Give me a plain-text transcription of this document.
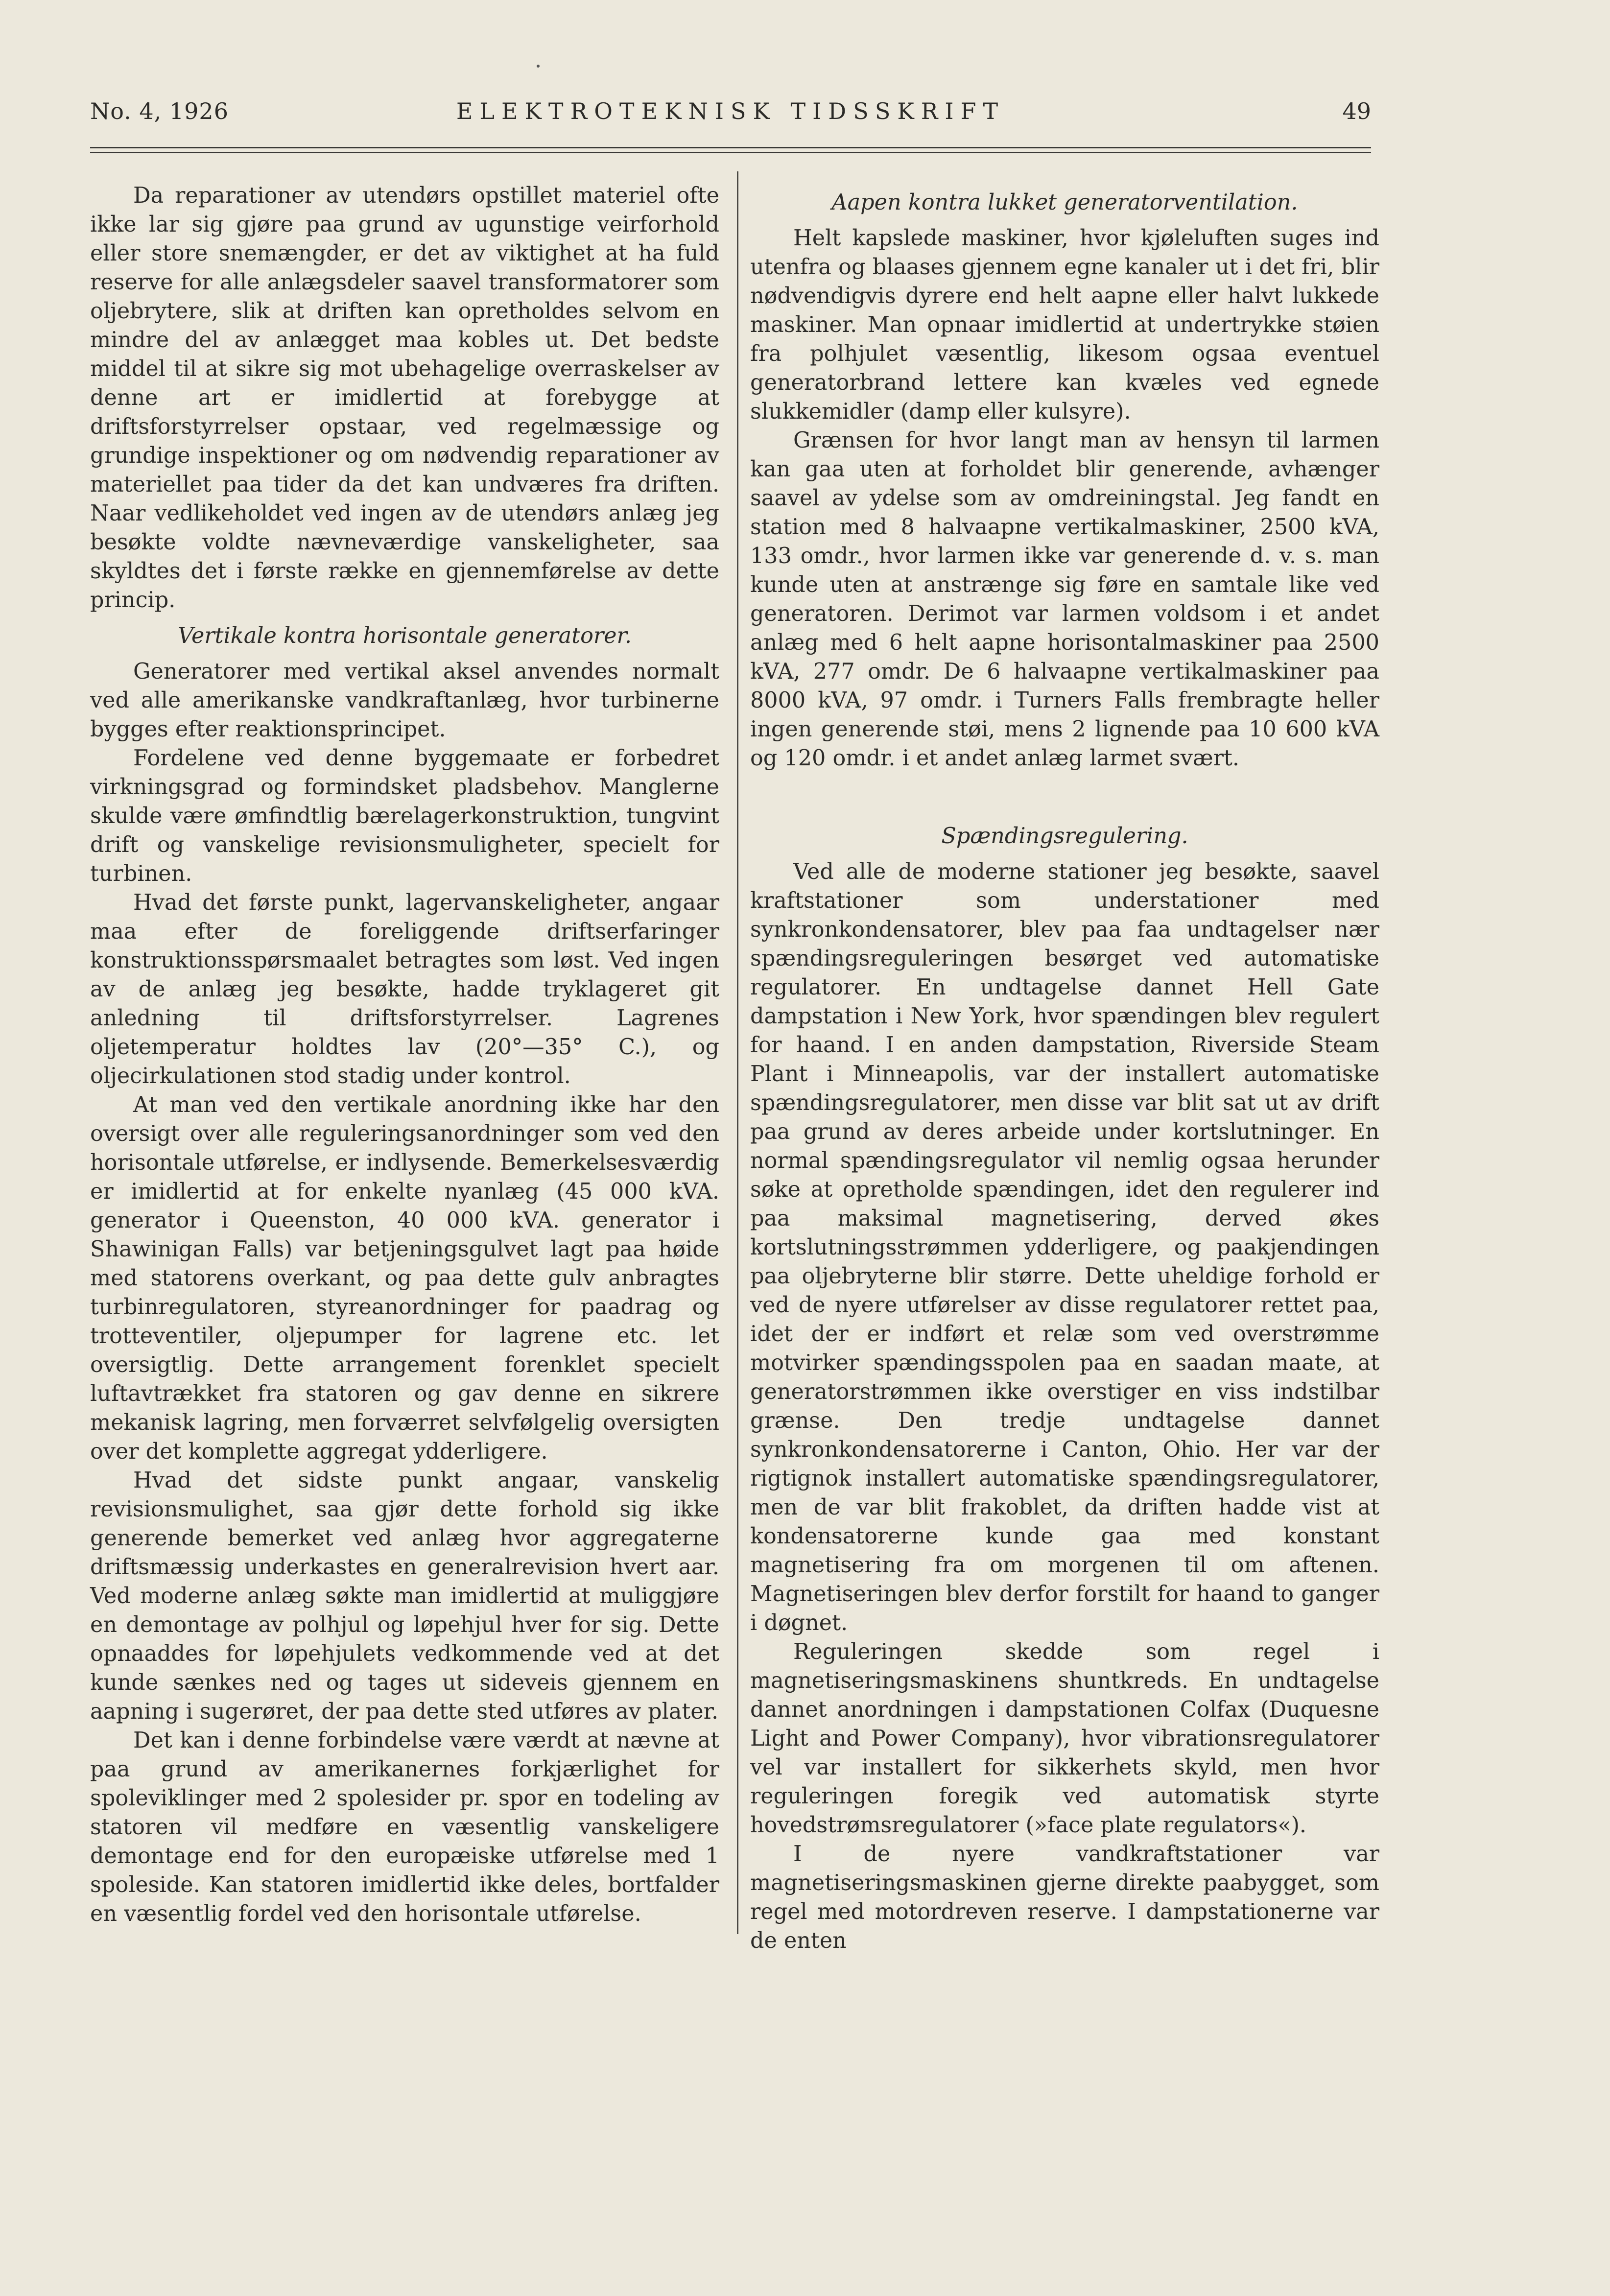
No. 4, 1926	ELEKTROTEKNISK TIDSSKRIFT	49

Da reparationer av utendørs opstillet materiel ofte ikke lar sig gjøre paa grund av ugunstige veirforhold eller store snemængder, er det av viktighet at ha fuld reserve for alle anlægsdeler saavel transformatorer som oljebrytere, slik at driften kan opretholdes selvom en mindre del av anlægget maa kobles ut. Det bedste middel til at sikre sig mot ubehagelige overraskelser av denne art er imidlertid at forebygge at driftsforstyrrelser opstaar, ved regelmæssige og grundige inspektioner og om nødvendig reparationer av materiellet paa tider da det kan undværes fra driften. Naar vedlikeholdet ved ingen av de utendørs anlæg jeg besøkte voldte nævneværdige vanskeligheter, saa skyldtes det i første række en gjennemførelse av dette princip.

Vertikale kontra horisontale generatorer.

Generatorer med vertikal aksel anvendes normalt ved alle amerikanske vandkraftanlæg, hvor turbinerne bygges efter reaktionsprincipet.

Fordelene ved denne byggemaate er forbedret virkningsgrad og formindsket pladsbehov. Manglerne skulde være ømfindtlig bærelagerkonstruktion, tungvint drift og vanskelige revisionsmuligheter, specielt for turbinen.

Hvad det første punkt, lagervanskeligheter, angaar maa efter de foreliggende driftserfaringer konstruktionsspørsmaalet betragtes som løst. Ved ingen av de anlæg jeg besøkte, hadde tryklageret git anledning til driftsforstyrrelser. Lagrenes oljetemperatur holdtes lav (20°—35° C.), og oljecirkulationen stod stadig under kontrol.

At man ved den vertikale anordning ikke har den oversigt over alle reguleringsanordninger som ved den horisontale utførelse, er indlysende. Bemerkelsesværdig er imidlertid at for enkelte nyanlæg (45 000 kVA. generator i Queenston, 40 000 kVA. generator i Shawinigan Falls) var betjeningsgulvet lagt paa høide med statorens overkant, og paa dette gulv anbragtes turbinregulatoren, styreanordninger for paadrag og trotteventiler, oljepumper for lagrene etc. let oversigtlig. Dette arrangement forenklet specielt luftavtrækket fra statoren og gav denne en sikrere mekanisk lagring, men forværret selvfølgelig oversigten over det komplette aggregat ydderligere.

Hvad det sidste punkt angaar, vanskelig revisionsmulighet, saa gjør dette forhold sig ikke generende bemerket ved anlæg hvor aggregaterne driftsmæssig underkastes en generalrevision hvert aar. Ved moderne anlæg søkte man imidlertid at muliggjøre en demontage av polhjul og løpehjul hver for sig. Dette opnaaddes for løpehjulets vedkommende ved at det kunde sænkes ned og tages ut sideveis gjennem en aapning i sugerøret, der paa dette sted utføres av plater.

Det kan i denne forbindelse være værdt at nævne at paa grund av amerikanernes forkjærlighet for spoleviklinger med 2 spolesider pr. spor en todeling av statoren vil medføre en væsentlig vanskeligere demontage end for den europæiske utførelse med 1 spoleside. Kan statoren imidlertid ikke deles, bortfalder en væsentlig fordel ved den horisontale utførelse.

Aapen kontra lukket generatorventilation.

Helt kapslede maskiner, hvor kjøleluften suges ind utenfra og blaases gjennem egne kanaler ut i det fri, blir nødvendigvis dyrere end helt aapne eller halvt lukkede maskiner. Man opnaar imidlertid at undertrykke støien fra polhjulet væsentlig, likesom ogsaa eventuel generatorbrand lettere kan kvæles ved egnede slukkemidler (damp eller kulsyre).

Grænsen for hvor langt man av hensyn til larmen kan gaa uten at forholdet blir generende, avhænger saavel av ydelse som av omdreiningstal. Jeg fandt en station med 8 halvaapne vertikalmaskiner, 2500 kVA, 133 omdr., hvor larmen ikke var generende d. v. s. man kunde uten at anstrænge sig føre en samtale like ved generatoren. Derimot var larmen voldsom i et andet anlæg med 6 helt aapne horisontalmaskiner paa 2500 kVA, 277 omdr. De 6 halvaapne vertikalmaskiner paa 8000 kVA, 97 omdr. i Turners Falls frembragte heller ingen generende støi, mens 2 lignende paa 10 600 kVA og 120 omdr. i et andet anlæg larmet svært.

Spændingsregulering.

Ved alle de moderne stationer jeg besøkte, saavel kraftstationer som understationer med synkronkondensatorer, blev paa faa undtagelser nær spændingsreguleringen besørget ved automatiske regulatorer. En undtagelse dannet Hell Gate dampstation i New York, hvor spændingen blev regulert for haand. I en anden dampstation, Riverside Steam Plant i Minneapolis, var der installert automatiske spændingsregulatorer, men disse var blit sat ut av drift paa grund av deres arbeide under kortslutninger. En normal spændingsregulator vil nemlig ogsaa herunder søke at opretholde spændingen, idet den regulerer ind paa maksimal magnetisering, derved økes kortslutningsstrømmen ydderligere, og paakjendingen paa oljebryterne blir større. Dette uheldige forhold er ved de nyere utførelser av disse regulatorer rettet paa, idet der er indført et relæ som ved overstrømme motvirker spændingsspolen paa en saadan maate, at generatorstrømmen ikke overstiger en viss indstilbar grænse. Den tredje undtagelse dannet synkronkondensatorerne i Canton, Ohio. Her var der rigtignok installert automatiske spændingsregulatorer, men de var blit frakoblet, da driften hadde vist at kondensatorerne kunde gaa med konstant magnetisering fra om morgenen til om aftenen. Magnetiseringen blev derfor forstilt for haand to ganger i døgnet.

Reguleringen skedde som regel i magnetiseringsmaskinens shuntkreds. En undtagelse dannet anordningen i dampstationen Colfax (Duquesne Light and Power Company), hvor vibrationsregulatorer vel var installert for sikkerhets skyld, men hvor reguleringen foregik ved automatisk styrte hovedstrømsregulatorer (»face plate regulators«).

I de nyere vandkraftstationer var magnetiseringsmaskinen gjerne direkte paabygget, som regel med motordreven reserve. I dampstationerne var de enten
